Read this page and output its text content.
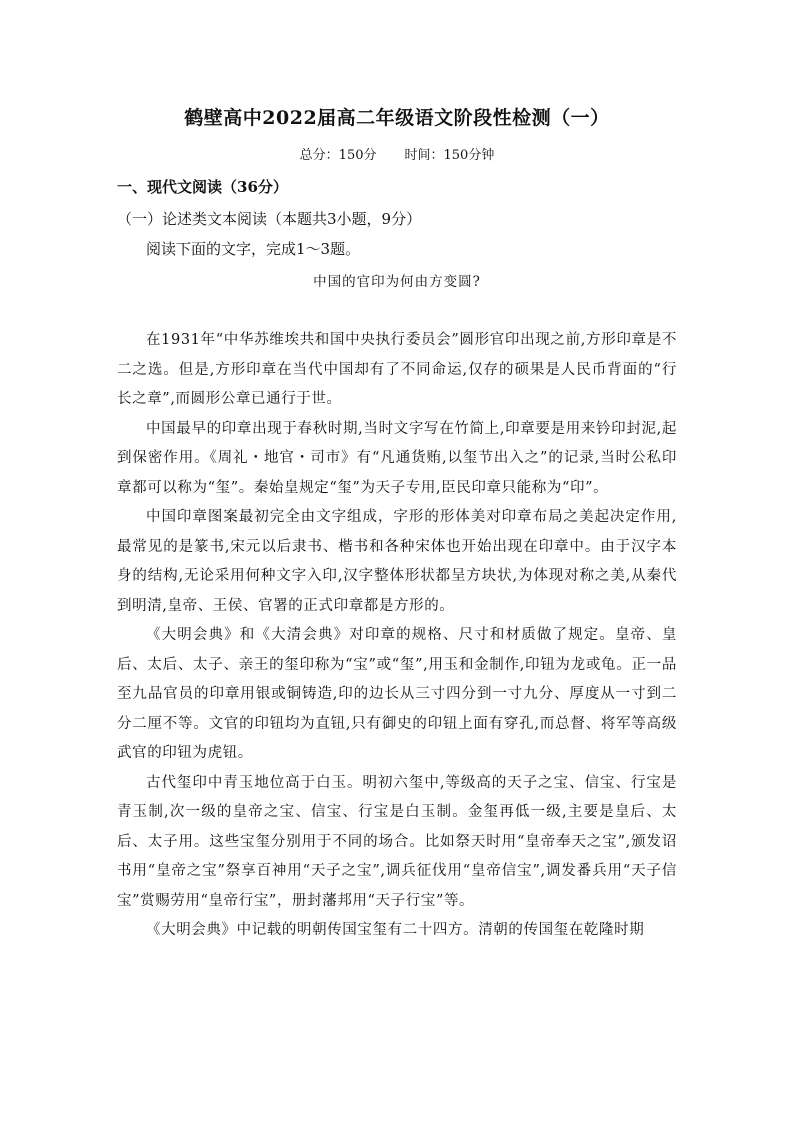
鹤壁高中2022届高二年级语文阶段性检测（一）
总分：150分 时间：150分钟
一、现代文阅读（36分）
（一）论述类文本阅读（本题共3小题，9分）
阅读下面的文字，完成1～3题。
中国的官印为何由方变圆?

在1931年“中华苏维埃共和国中央执行委员会”圆形官印出现之前,方形印章是不二之选。但是,方形印章在当代中国却有了不同命运,仅存的硕果是人民币背面的“行长之章”,而圆形公章已通行于世。

中国最早的印章出现于春秋时期,当时文字写在竹简上,印章要是用来钤印封泥,起到保密作用。《周礼・地官・司市》有“凡通货贿,以玺节出入之”的记录,当时公私印章都可以称为“玺”。秦始皇规定“玺”为天子专用,臣民印章只能称为“印”。

中国印章图案最初完全由文字组成，字形的形体美对印章布局之美起决定作用,最常见的是篆书,宋元以后隶书、楷书和各种宋体也开始出现在印章中。由于汉字本身的结构,无论采用何种文字入印,汉字整体形状都呈方块状,为体现对称之美,从秦代到明清,皇帝、王侯、官署的正式印章都是方形的。

《大明会典》和《大清会典》对印章的规格、尺寸和材质做了规定。皇帝、皇后、太后、太子、亲王的玺印称为“宝”或“玺”,用玉和金制作,印钮为龙或龟。正一品至九品官员的印章用银或铜铸造,印的边长从三寸四分到一寸九分、厚度从一寸到二分二厘不等。文官的印钮均为直钮,只有御史的印钮上面有穿孔,而总督、将军等高级武官的印钮为虎钮。

古代玺印中青玉地位高于白玉。明初六玺中,等级高的天子之宝、信宝、行宝是青玉制,次一级的皇帝之宝、信宝、行宝是白玉制。金玺再低一级,主要是皇后、太后、太子用。这些宝玺分别用于不同的场合。比如祭天时用“皇帝奉天之宝”,颁发诏书用“皇帝之宝”祭享百神用“天子之宝”,调兵征伐用“皇帝信宝”,调发番兵用“天子信宝”赏赐劳用“皇帝行宝”，册封藩邦用“天子行宝”等。

《大明会典》中记载的明朝传国宝玺有二十四方。清朝的传国玺在乾隆时期
